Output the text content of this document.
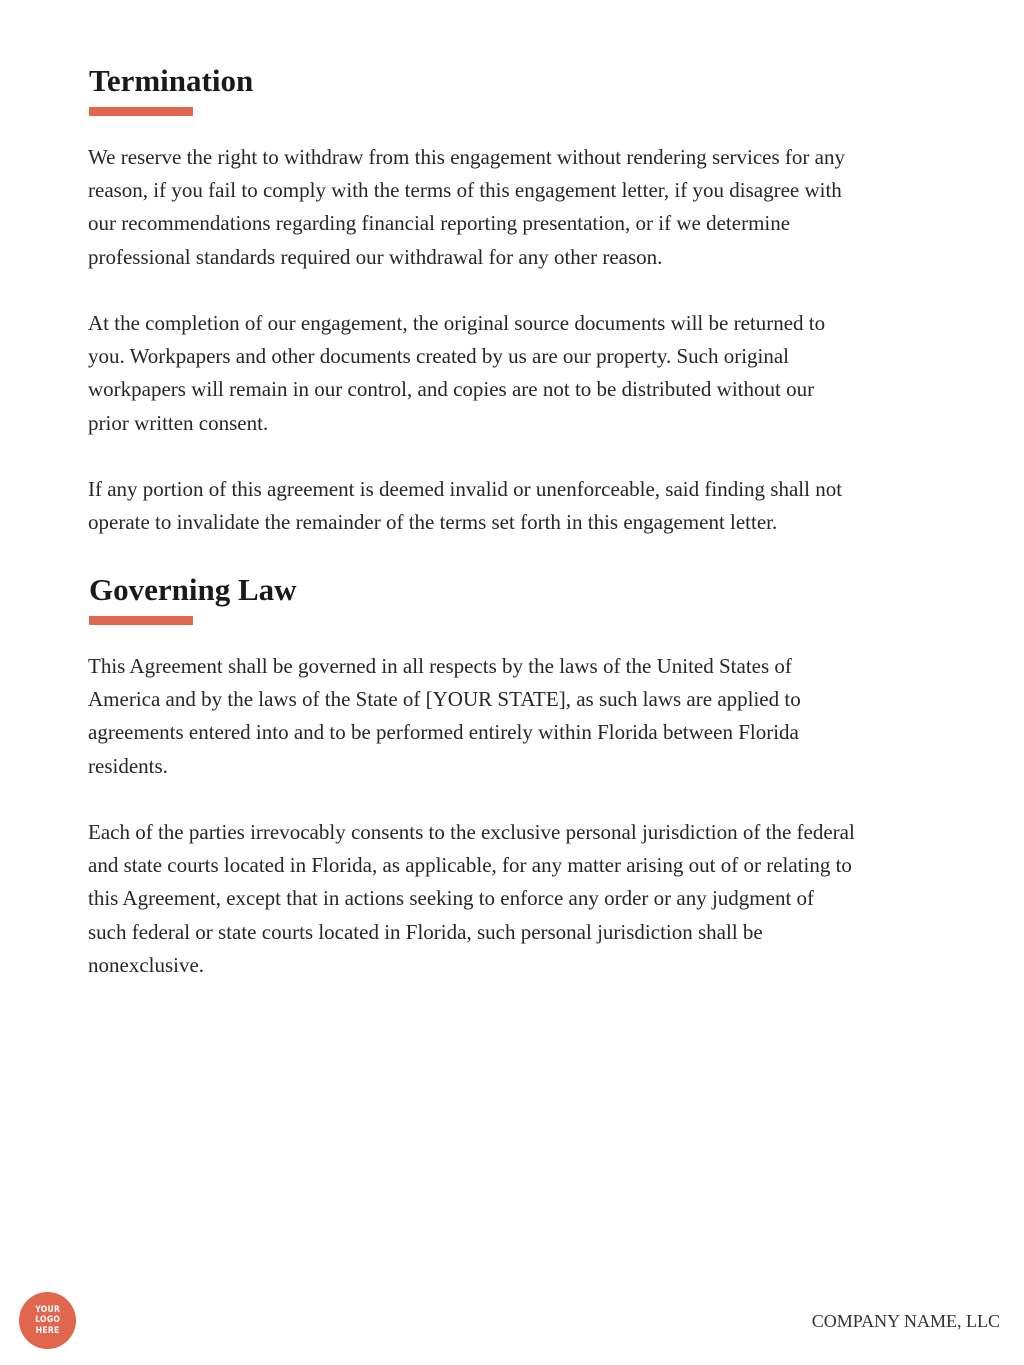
Termination

We reserve the right to withdraw from this engagement without rendering services for any
reason, if you fail to comply with the terms of this engagement letter, if you disagree with
our recommendations regarding financial reporting presentation, or if we determine
professional standards required our withdrawal for any other reason.

At the completion of our engagement, the original source documents will be returned to
you. Workpapers and other documents created by us are our property. Such original
workpapers will remain in our control, and copies are not to be distributed without our
prior written consent.

If any portion of this agreement is deemed invalid or unenforceable, said finding shall not
operate to invalidate the remainder of the terms set forth in this engagement letter.

Governing Law

This Agreement shall be governed in all respects by the laws of the United States of
America and by the laws of the State of [YOUR STATE], as such laws are applied to
agreements entered into and to be performed entirely within Florida between Florida
residents.

Each of the parties irrevocably consents to the exclusive personal jurisdiction of the federal
and state courts located in Florida, as applicable, for any matter arising out of or relating to
this Agreement, except that in actions seeking to enforce any order or any judgment of
such federal or state courts located in Florida, such personal jurisdiction shall be
nonexclusive.

YOUR
LOGO
HERE	COMPANY NAME, LLC
